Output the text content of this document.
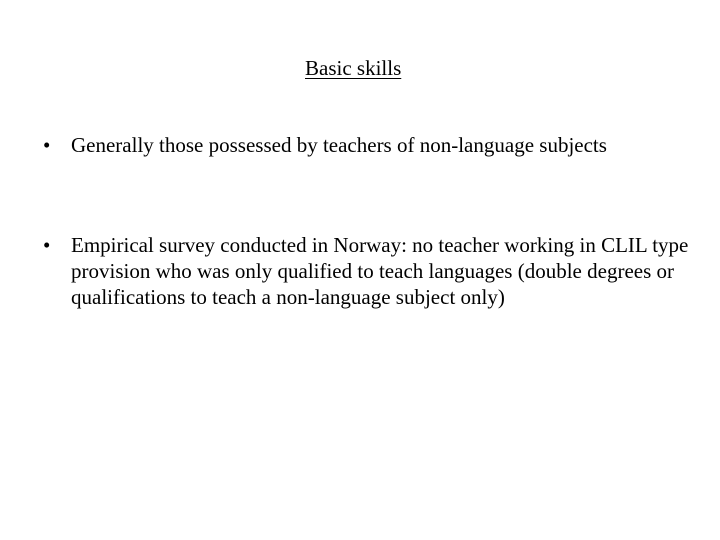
Basic skills
• Generally those possessed by teachers of non-language subjects
• Empirical survey conducted in Norway: no teacher working in CLIL type provision who was only qualified to teach languages (double degrees or qualifications to teach a non-language subject only)
